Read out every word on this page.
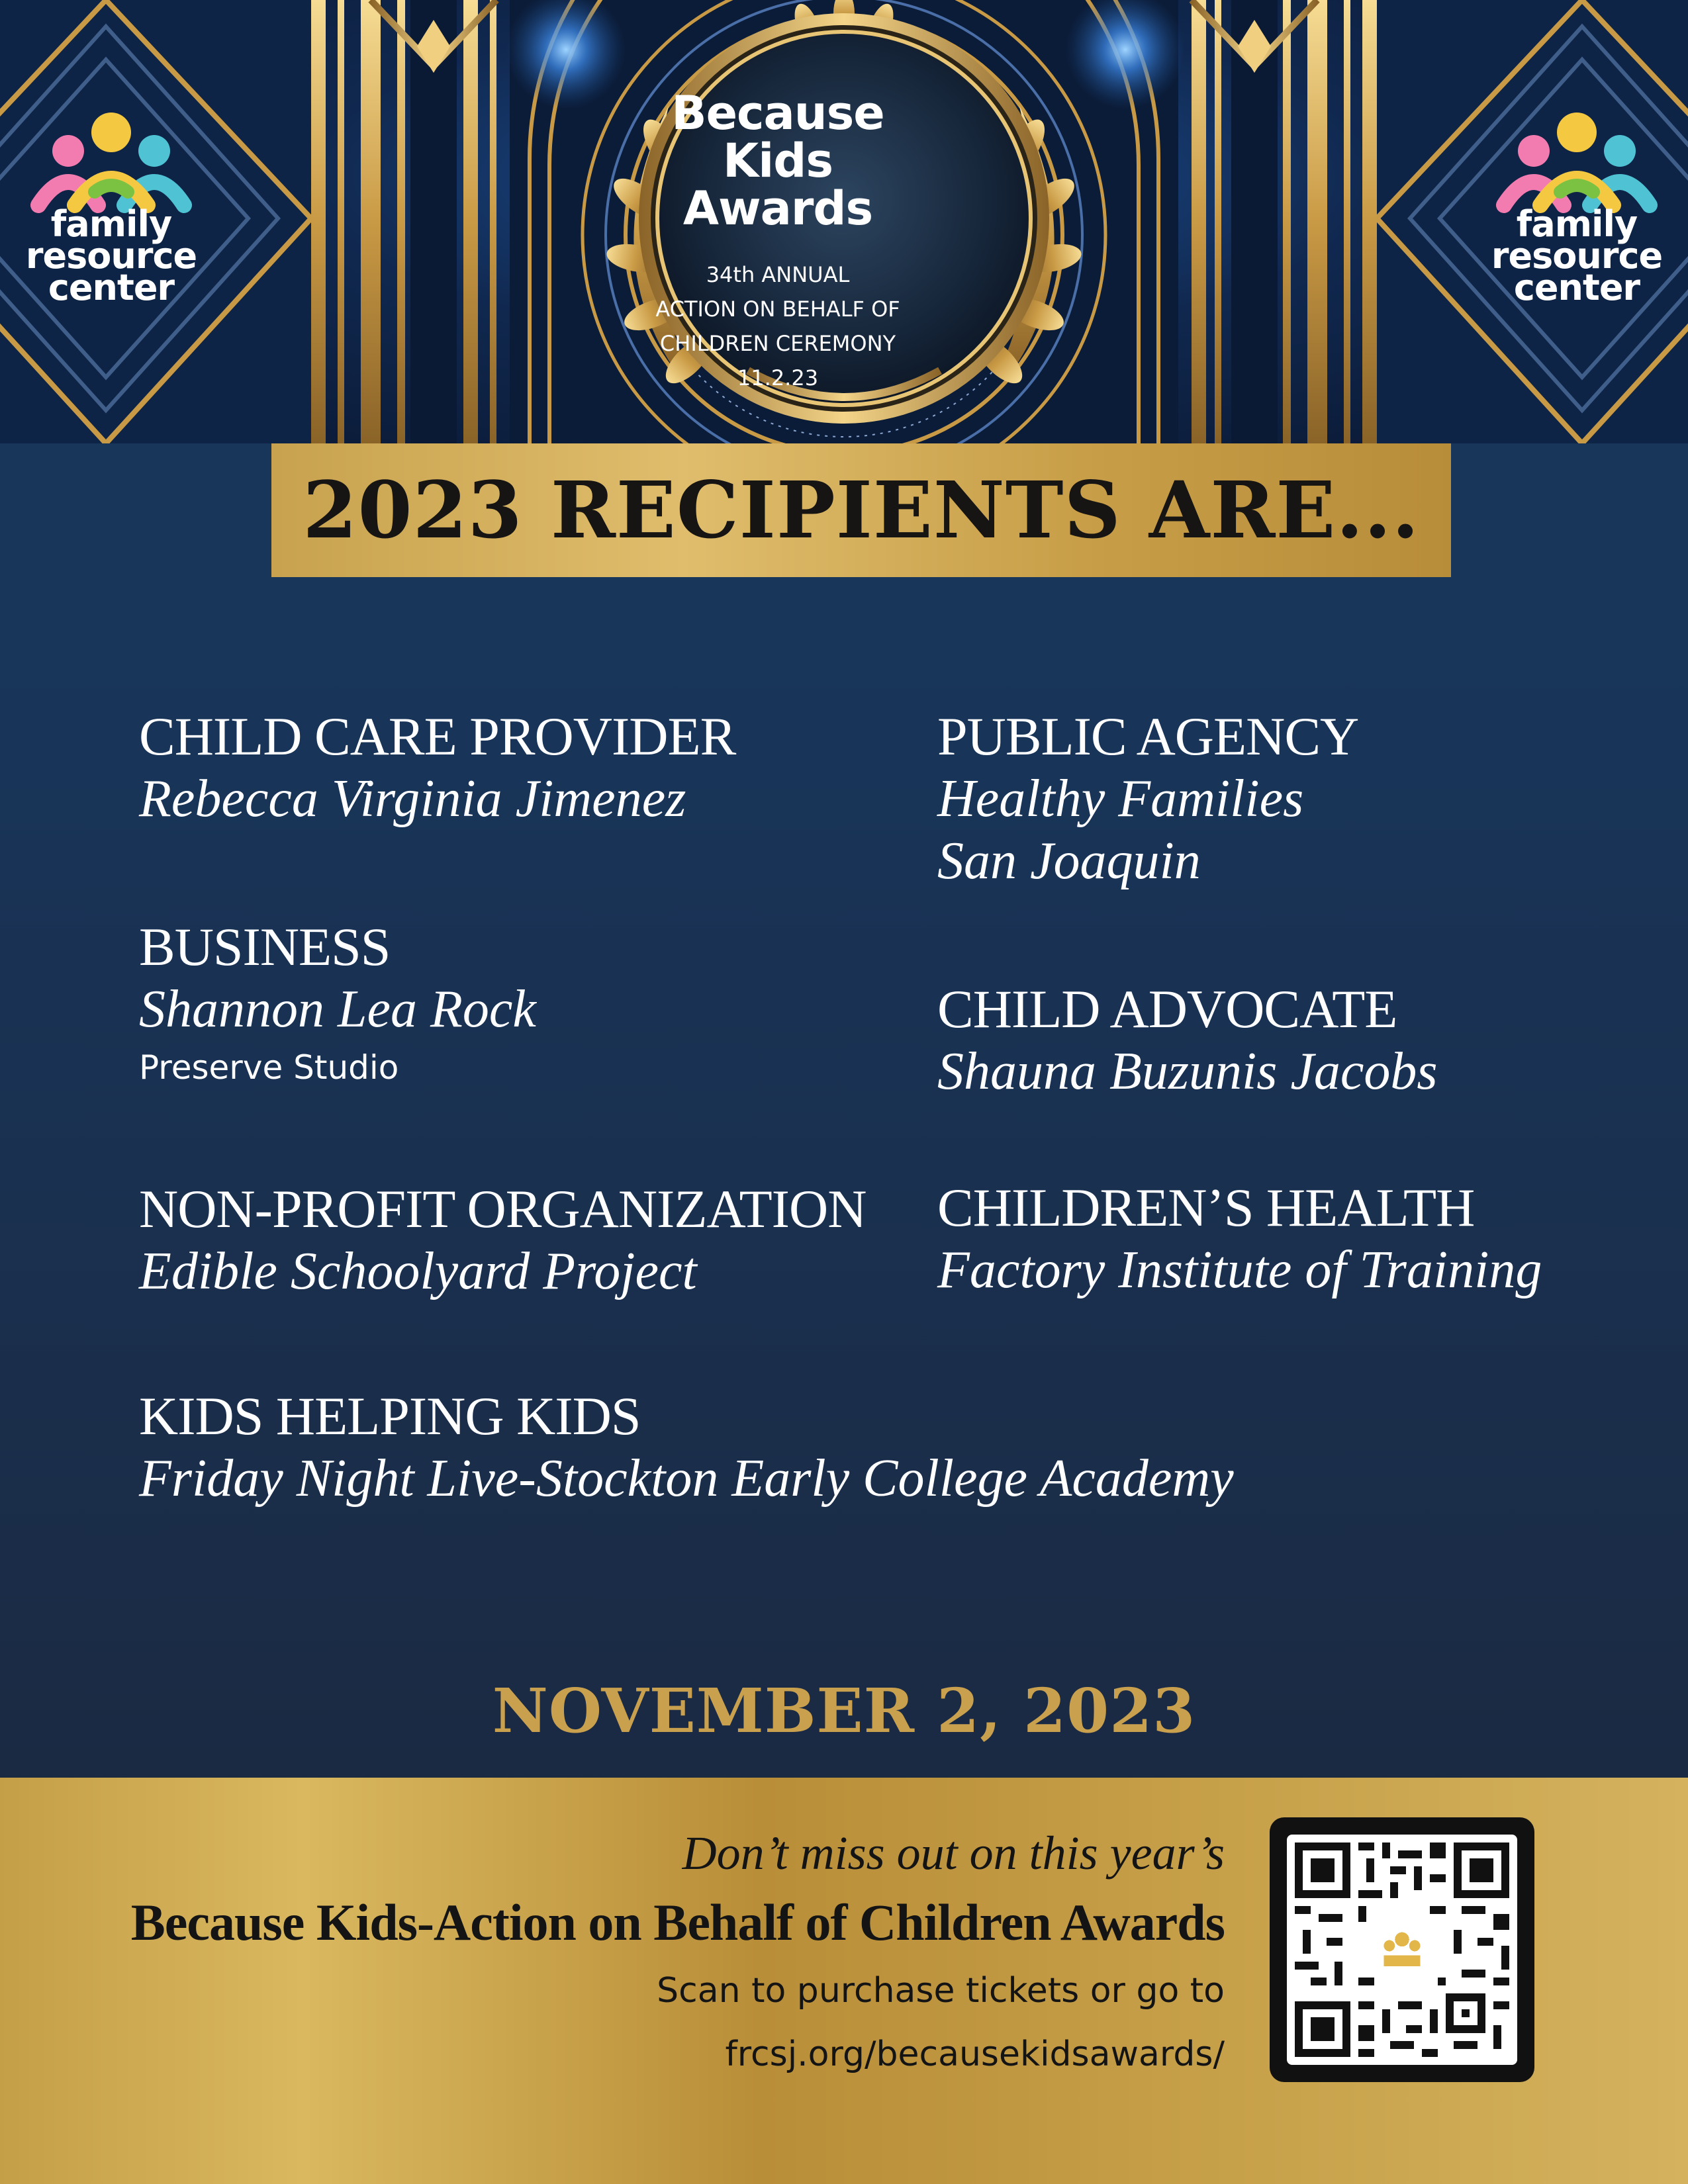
family
resource
center
family
resource
center
Because
Kids Awards
34th ANNUAL
ACTION ON BEHALF OF
CHILDREN CEREMONY
11.2.23
2023 RECIPIENTS ARE...
CHILD CARE PROVIDER
Rebecca Virginia Jimenez
PUBLIC AGENCY
Healthy Families
San Joaquin
BUSINESS
Shannon Lea Rock
Preserve Studio
CHILD ADVOCATE
Shauna Buzunis Jacobs
NON-PROFIT ORGANIZATION
Edible Schoolyard Project
CHILDREN’S HEALTH
Factory Institute of Training
KIDS HELPING KIDS
Friday Night Live-Stockton Early College Academy
NOVEMBER 2, 2023
Don’t miss out on this year’s
Because Kids-Action on Behalf of Children Awards
Scan to purchase tickets or go to
frcsj.org/becausekidsawards/
